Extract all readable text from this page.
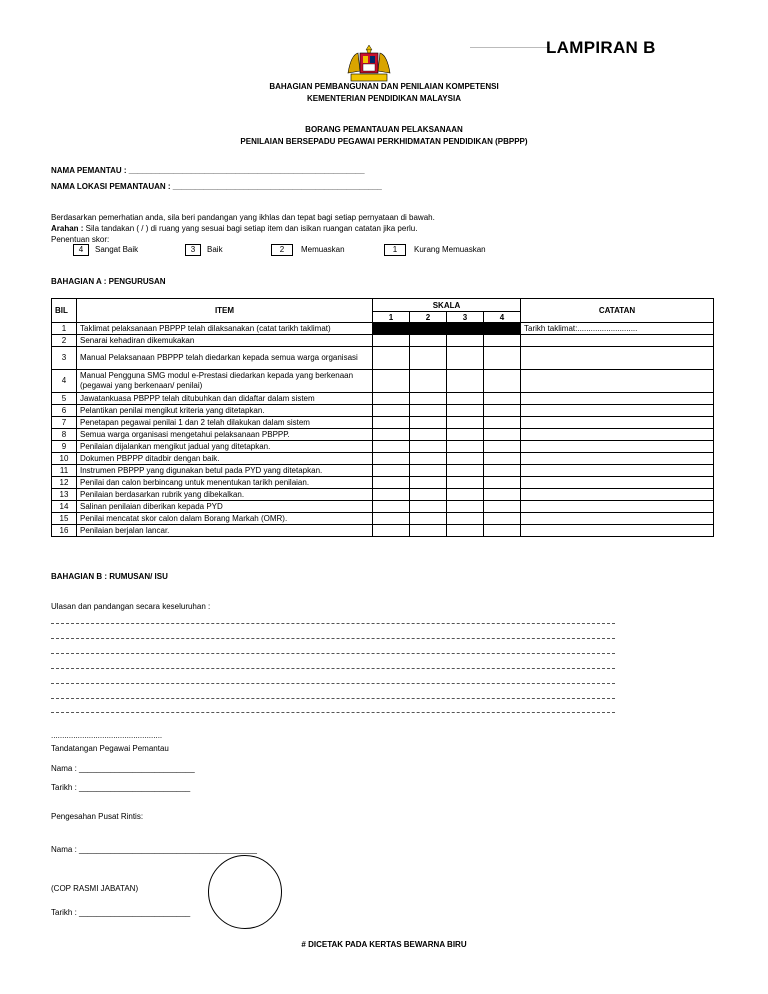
LAMPIRAN B
BAHAGIAN PEMBANGUNAN DAN PENILAIAN KOMPETENSI
KEMENTERIAN PENDIDIKAN MALAYSIA
BORANG PEMANTAUAN PELAKSANAAN
PENILAIAN BERSEPADU PEGAWAI PERKHIDMATAN PENDIDIKAN (PBPPP)
NAMA PEMANTAU : _____________________________________________________
NAMA LOKASI PEMANTAUAN : _______________________________________________
Berdasarkan pemerhatian anda, sila beri pandangan yang ikhlas dan tepat bagi setiap pernyataan di bawah.
Arahan : Sila tandakan ( / ) di ruang yang sesuai bagi setiap item dan isikan ruangan catatan jika perlu.
Penentuan skor:
4 Sangat Baik	3 Baik	2 Memuaskan	1 Kurang Memuaskan
BAHAGIAN A : PENGURUSAN
BIL	ITEM	SKALA				CATATAN
		1	2	3	4	
1	Taklimat pelaksanaan PBPPP telah dilaksanakan (catat tarikh taklimat)					Tarikh taklimat:...........................
2	Senarai kehadiran dikemukakan					
3	Manual Pelaksanaan PBPPP telah diedarkan kepada semua warga organisasi					
4	Manual Pengguna SMG modul e-Prestasi diedarkan kepada yang berkenaan (pegawai yang berkenaan/ penilai)					
5	Jawatankuasa PBPPP telah ditubuhkan dan didaftar dalam sistem					
6	Pelantikan penilai mengikut kriteria yang ditetapkan.					
7	Penetapan pegawai penilai 1 dan 2 telah dilakukan dalam sistem					
8	Semua warga organisasi mengetahui pelaksanaan PBPPP.					
9	Penilaian dijalankan mengikut jadual yang ditetapkan.					
10	Dokumen PBPPP ditadbir dengan baik.					
11	Instrumen PBPPP yang digunakan betul pada PYD yang ditetapkan.					
12	Penilai dan calon berbincang untuk menentukan tarikh penilaian.					
13	Penilaian berdasarkan rubrik yang dibekalkan.					
14	Salinan penilaian diberikan kepada PYD					
15	Penilai mencatat skor calon dalam Borang Markah (OMR).					
16	Penilaian berjalan lancar.					
BAHAGIAN B : RUMUSAN/ ISU
Ulasan dan pandangan secara keseluruhan :
..................................................
Tandatangan Pegawai Pemantau
Nama : __________________________
Tarikh : _________________________
Pengesahan Pusat Rintis:
Nama : ________________________________________
(COP RASMI JABATAN)
Tarikh : _________________________
# DICETAK PADA KERTAS BEWARNA BIRU
